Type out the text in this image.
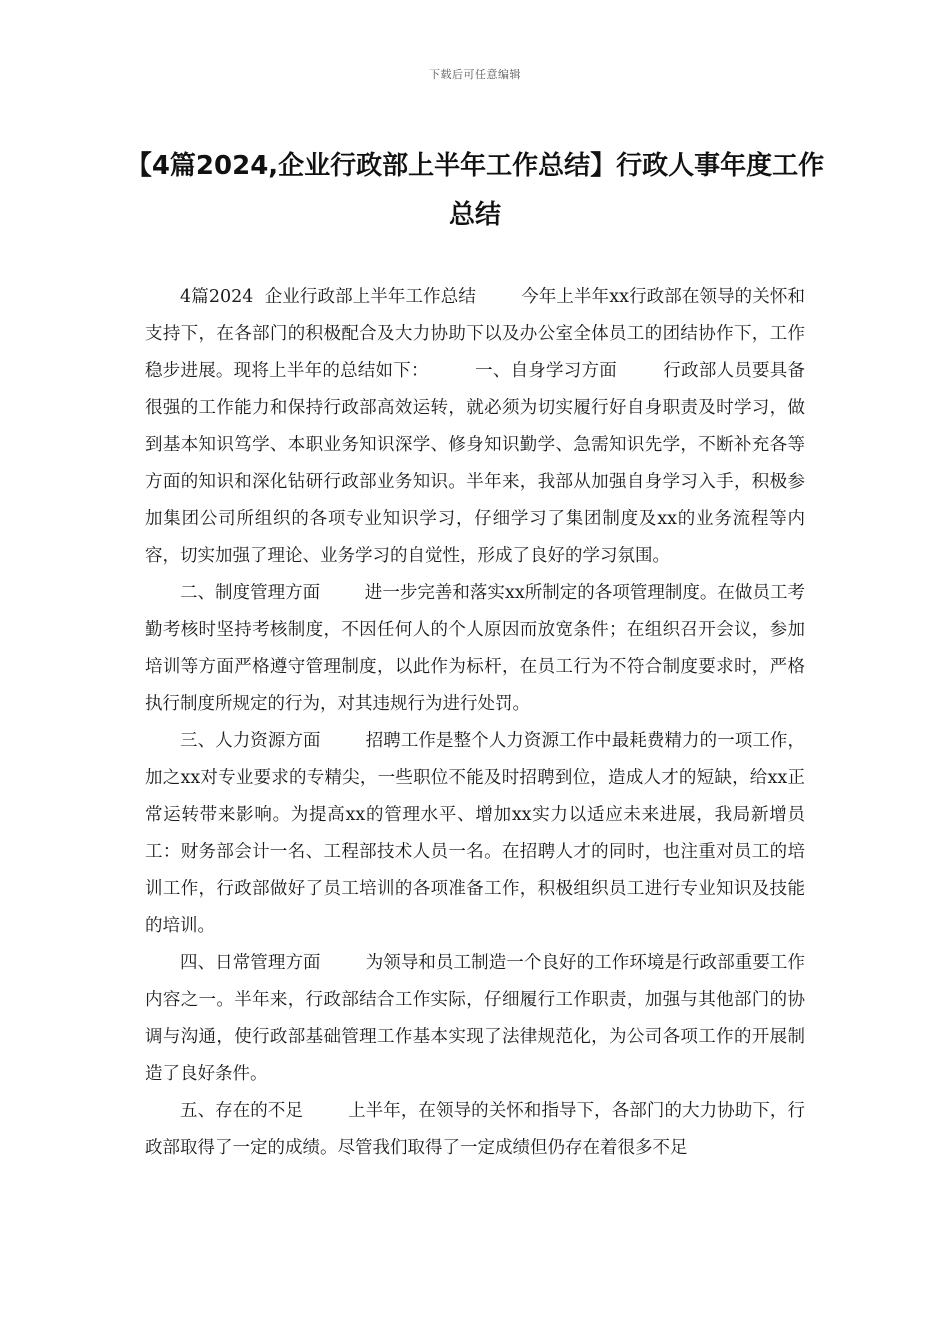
下载后可任意编辑
【4篇2024,企业行政部上半年工作总结】行政人事年度工作总结

4篇2024  企业行政部上半年工作总结        今年上半年xx行政部在领导的关怀和支持下，在各部门的积极配合及大力协助下以及办公室全体员工的团结协作下，工作稳步进展。现将上半年的总结如下：        一、自身学习方面        行政部人员要具备很强的工作能力和保持行政部高效运转，就必须为切实履行好自身职责及时学习，做到基本知识笃学、本职业务知识深学、修身知识勤学、急需知识先学，不断补充各等方面的知识和深化钻研行政部业务知识。半年来，我部从加强自身学习入手，积极参加集团公司所组织的各项专业知识学习，仔细学习了集团制度及xx的业务流程等内容，切实加强了理论、业务学习的自觉性，形成了良好的学习氛围。

二、制度管理方面        进一步完善和落实xx所制定的各项管理制度。在做员工考勤考核时坚持考核制度，不因任何人的个人原因而放宽条件；在组织召开会议，参加培训等方面严格遵守管理制度，以此作为标杆，在员工行为不符合制度要求时，严格执行制度所规定的行为，对其违规行为进行处罚。

三、人力资源方面        招聘工作是整个人力资源工作中最耗费精力的一项工作，加之xx对专业要求的专精尖，一些职位不能及时招聘到位，造成人才的短缺，给xx正常运转带来影响。为提高xx的管理水平、增加xx实力以适应未来进展，我局新增员工：财务部会计一名、工程部技术人员一名。在招聘人才的同时，也注重对员工的培训工作，行政部做好了员工培训的各项准备工作，积极组织员工进行专业知识及技能的培训。

四、日常管理方面        为领导和员工制造一个良好的工作环境是行政部重要工作内容之一。半年来，行政部结合工作实际，仔细履行工作职责，加强与其他部门的协调与沟通，使行政部基础管理工作基本实现了法律规范化，为公司各项工作的开展制造了良好条件。

五、存在的不足        上半年，在领导的关怀和指导下，各部门的大力协助下，行政部取得了一定的成绩。尽管我们取得了一定成绩但仍存在着很多不足
